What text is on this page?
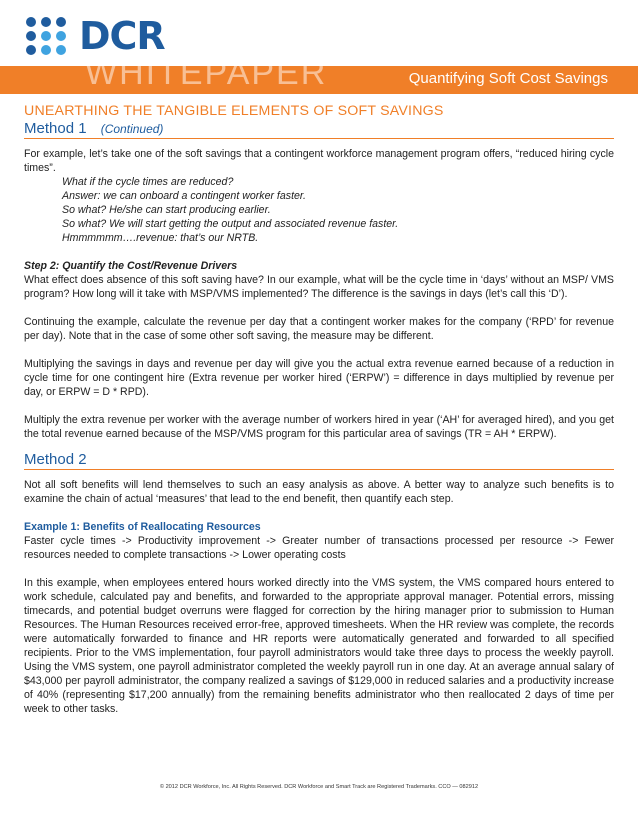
DCR
WHITEPAPER	Quantifying Soft Cost Savings
UNEARTHING THE TANGIBLE ELEMENTS OF SOFT SAVINGS
Method 1 (Continued)

For example, let’s take one of the soft savings that a contingent workforce management program offers, “reduced hiring cycle times”.

What if the cycle times are reduced?
Answer: we can onboard a contingent worker faster.
So what? He/she can start producing earlier.
So what? We will start getting the output and associated revenue faster.
Hmmmmmm….revenue: that’s our NRTB.
Step 2: Quantify the Cost/Revenue Drivers

What effect does absence of this soft saving have? In our example, what will be the cycle time in ‘days’ without an MSP/ VMS program? How long will it take with MSP/VMS implemented? The difference is the savings in days (let’s call this ‘D’).

Continuing the example, calculate the revenue per day that a contingent worker makes for the company (‘RPD’ for revenue per day). Note that in the case of some other soft saving, the measure may be different.

Multiplying the savings in days and revenue per day will give you the actual extra revenue earned because of a reduction in cycle time for one contingent hire (Extra revenue per worker hired (‘ERPW’) = difference in days multiplied by revenue per day, or ERPW = D * RPD).

Multiply the extra revenue per worker with the average number of workers hired in year (‘AH’ for averaged hired), and you get the total revenue earned because of the MSP/VMS program for this particular area of savings (TR = AH * ERPW).

Method 2

Not all soft benefits will lend themselves to such an easy analysis as above. A better way to analyze such benefits is to examine the chain of actual ‘measures’ that lead to the end benefit, then quantify each step.

Example 1: Benefits of Reallocating Resources

Faster cycle times -> Productivity improvement -> Greater number of transactions processed per resource -> Fewer resources needed to complete transactions -> Lower operating costs

In this example, when employees entered hours worked directly into the VMS system, the VMS compared hours entered to work schedule, calculated pay and benefits, and forwarded to the appropriate approval manager. Potential errors, missing timecards, and potential budget overruns were flagged for correction by the hiring manager prior to submission to Human Resources. The Human Resources received error-free, approved timesheets. When the HR review was complete, the records were automatically forwarded to finance and HR reports were automatically generated and forwarded to all specified recipients. Prior to the VMS implementation, four payroll administrators would take three days to process the weekly payroll. Using the VMS system, one payroll administrator completed the weekly payroll run in one day. At an average annual salary of $43,000 per payroll administrator, the company realized a savings of $129,000 in reduced salaries and a productivity increase of 40% (representing $17,200 annually) from the remaining benefits administrator who then reallocated 2 days of time per week to other tasks.

© 2012 DCR Workforce, Inc. All Rights Reserved. DCR Workforce and Smart Track are Registered Trademarks. CCO — 082912
